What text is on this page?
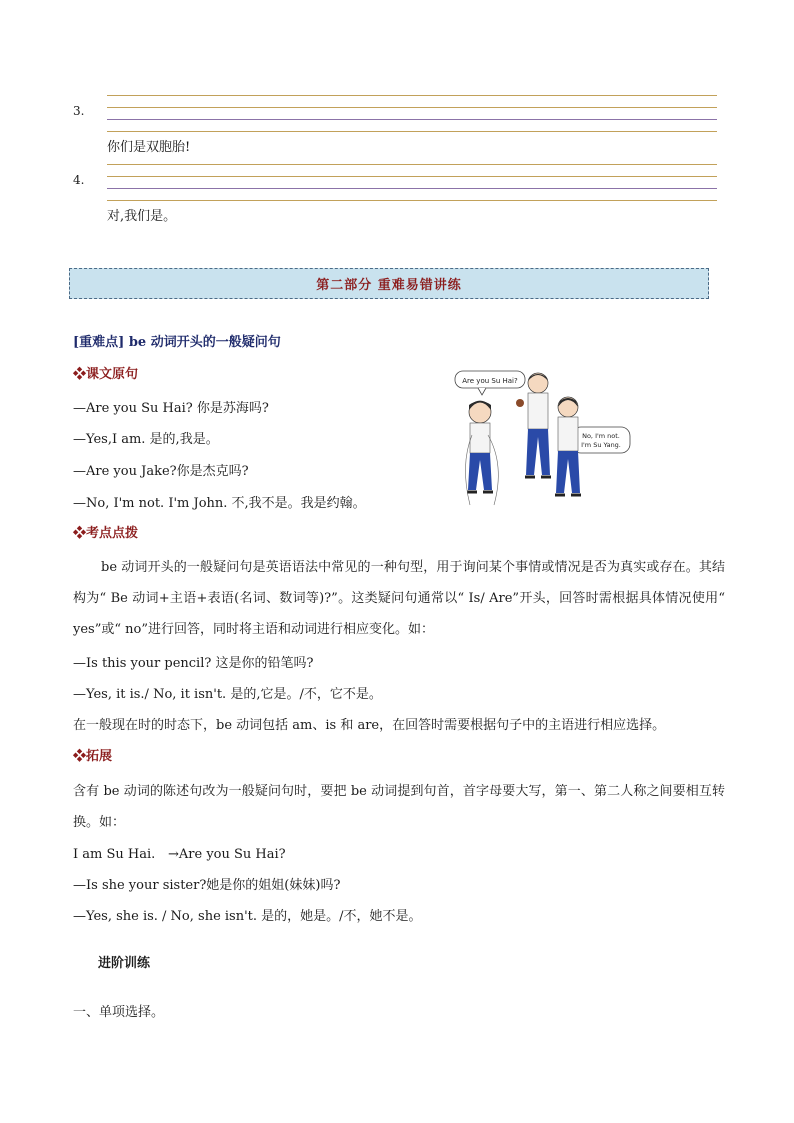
3.
你们是双胞胎!
4.
对,我们是。
第二部分 重难易错讲练
[重难点] be 动词开头的一般疑问句
❖课文原句
—Are you Su Hai? 你是苏海吗?
—Yes,I am. 是的,我是。
—Are you Jake?你是杰克吗?
—No, I'm not. I'm John. 不,我不是。我是约翰。
Are you Su Hai?
No, I'm not.
I'm Su Yang.
❖考点点拨
be 动词开头的一般疑问句是英语语法中常见的一种句型，用于询问某个事情或情况是否为真实或存在。其结构为“ Be 动词+主语+表语(名词、数词等)?”。这类疑问句通常以“ Is/ Are”开头，回答时需根据具体情况使用“ yes”或“ no”进行回答，同时将主语和动词进行相应变化。如：
—Is this your pencil? 这是你的铅笔吗?
—Yes, it is./ No, it isn't. 是的,它是。/不，它不是。
在一般现在时的时态下，be 动词包括 am、is 和 are，在回答时需要根据句子中的主语进行相应选择。
❖拓展
含有 be 动词的陈述句改为一般疑问句时，要把 be 动词提到句首，首字母要大写，第一、第二人称之间要相互转换。如：
I am Su Hai. →Are you Su Hai?
—Is she your sister?她是你的姐姐(妹妹)吗?
—Yes, she is. / No, she isn't. 是的，她是。/不，她不是。
进阶训练
一、单项选择。
